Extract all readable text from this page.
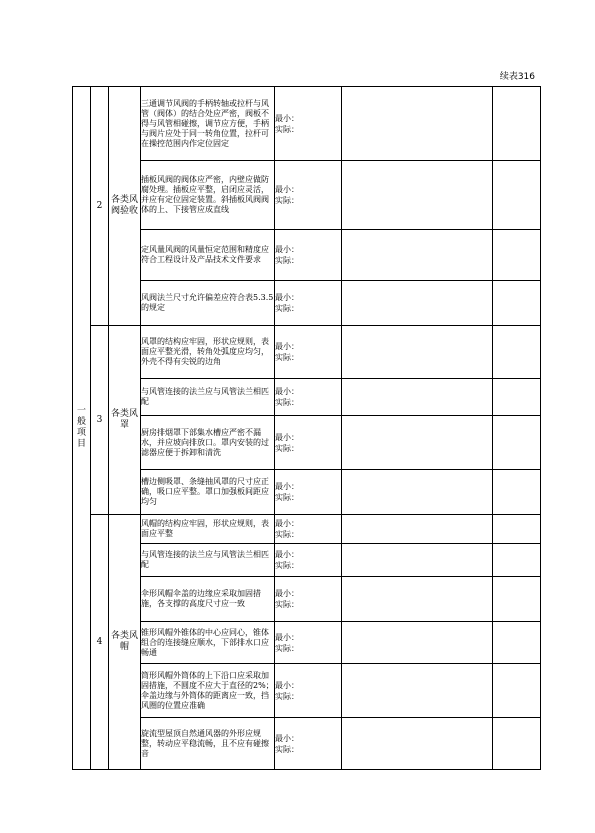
续表316
一般项目	2	各类风阀验收	三通调节风阀的手柄转轴或拉杆与风管（阀体）的结合处应严密，阀板不得与风管相碰擦，调节应方便，手柄与阀片应处于同一转角位置，拉杆可在操控范围内作定位固定	最小：
实际：		

			插板风阀的阀体应严密，内壁应做防腐处理。插板应平整，启闭应灵活，并应有定位固定装置。斜插板风阀阀体的上、下接管应成直线	最小：
实际：		

			定风量风阀的风量恒定范围和精度应符合工程设计及产品技术文件要求	最小：
实际：		

			风阀法兰尺寸允许偏差应符合表5.3.5的规定	最小：
实际：		

	3	各类风罩	风罩的结构应牢固，形状应规则，表面应平整光滑，转角处弧度应均匀，外壳不得有尖锐的边角	最小：
实际：		

			与风管连接的法兰应与风管法兰相匹配	最小：
实际：		

			厨房排烟罩下部集水槽应严密不漏水，并应坡向排放口。罩内安装的过滤器应便于拆卸和清洗	最小：
实际：		

			槽边侧吸罩、条缝抽风罩的尺寸应正确，吸口应平整。罩口加强板间距应均匀	最小：
实际：		

	4	各类风帽	风帽的结构应牢固，形状应规则，表面应平整	最小：
实际：		

			与风管连接的法兰应与风管法兰相匹配	最小：
实际：		

			伞形风帽伞盖的边缘应采取加固措施，各支撑的高度尺寸应一致	最小：
实际：		

			锥形风帽外锥体的中心应同心，锥体组合的连接缝应顺水，下部排水口应畅通	最小：
实际：		

			筒形风帽外筒体的上下沿口应采取加固措施，不圆度不应大于直径的2%；伞盖边缘与外筒体的距离应一致，挡风圈的位置应准确	最小：
实际：		

			旋流型屋顶自然通风器的外形应规整，转动应平稳流畅，且不应有碰擦音	最小：
实际：		
